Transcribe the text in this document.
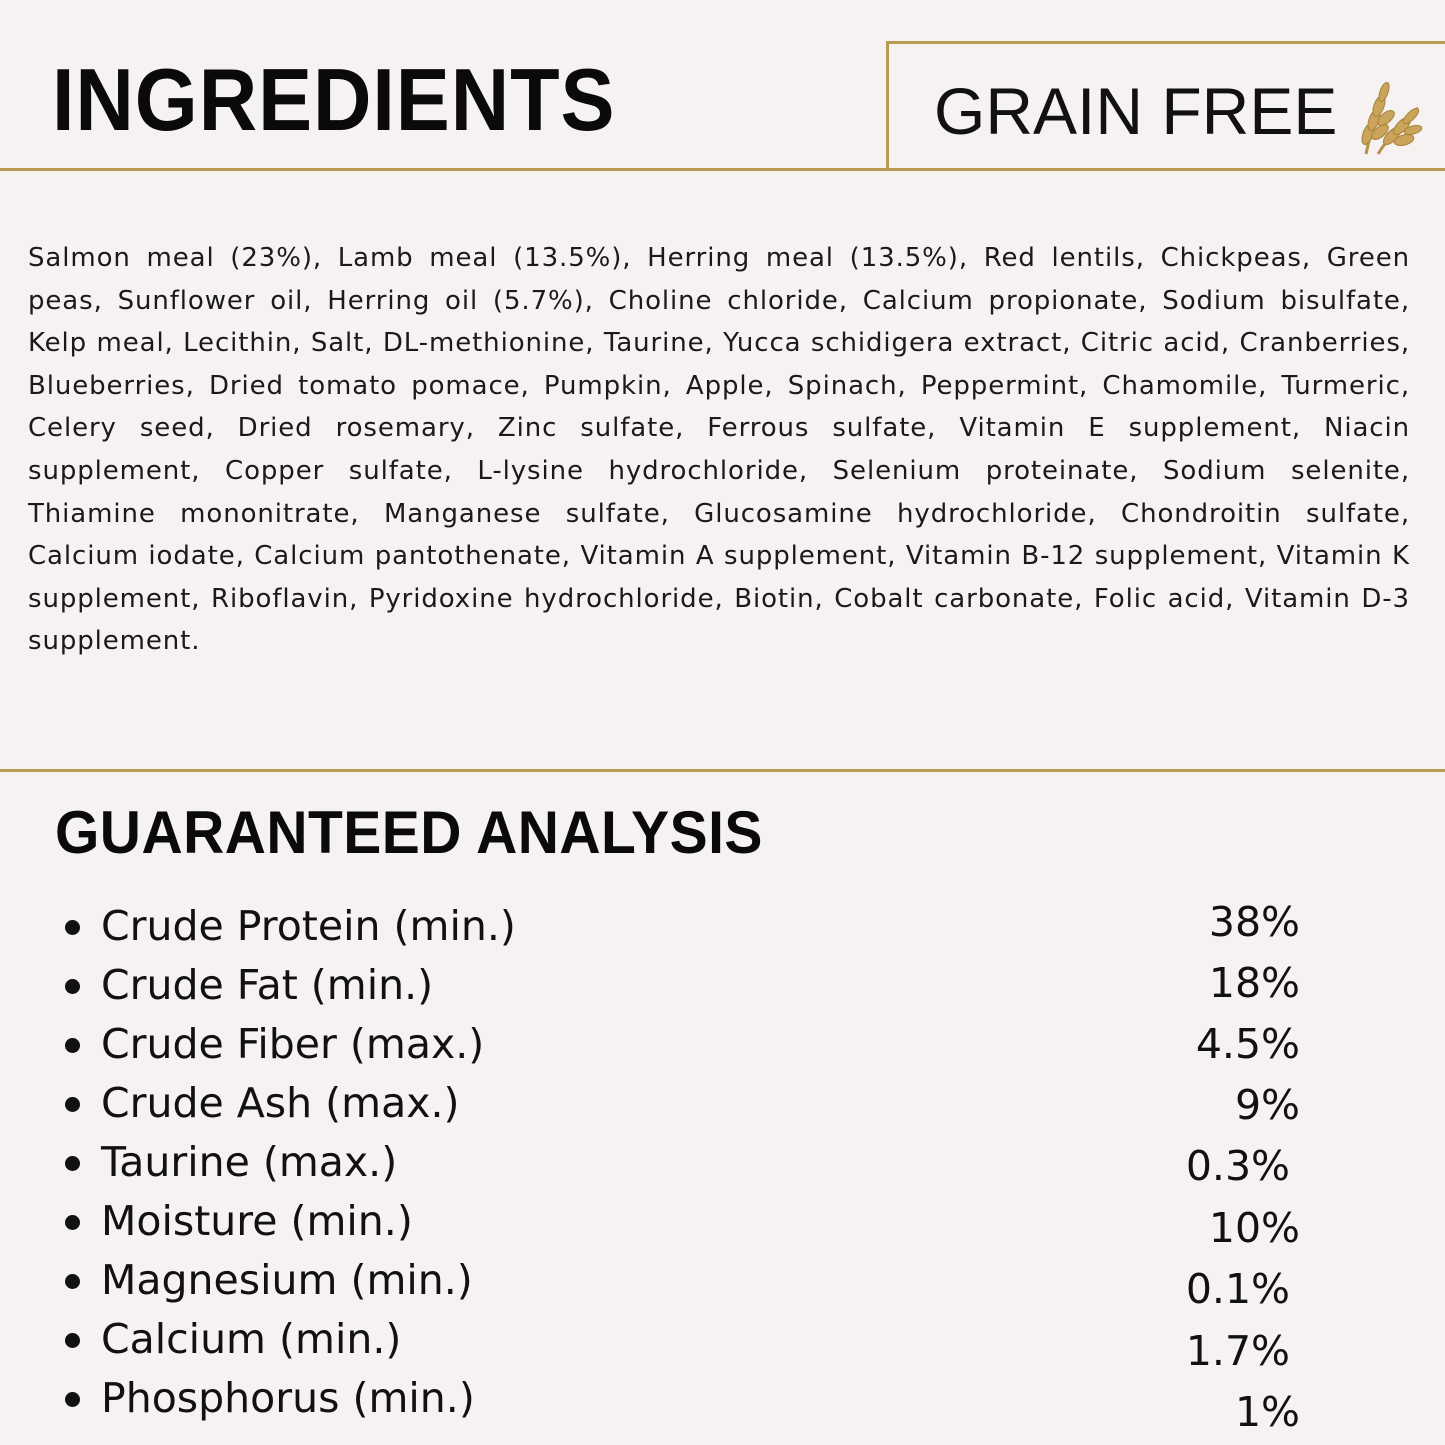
INGREDIENTS	GRAIN FREE

Salmon meal (23%), Lamb meal (13.5%), Herring meal (13.5%), Red lentils, Chickpeas, Green peas, Sunflower oil, Herring oil (5.7%), Choline chloride, Calcium propionate, Sodium bisulfate, Kelp meal, Lecithin, Salt, DL-methionine, Taurine, Yucca schidigera extract, Citric acid, Cranberries, Blueberries, Dried tomato pomace, Pumpkin, Apple, Spinach, Peppermint, Chamomile, Turmeric, Celery seed, Dried rosemary, Zinc sulfate, Ferrous sulfate, Vitamin E supplement, Niacin supplement, Copper sulfate, L-lysine hydrochloride, Selenium proteinate, Sodium selenite, Thiamine mononitrate, Manganese sulfate, Glucosamine hydrochloride, Chondroitin sulfate, Calcium iodate, Calcium pantothenate, Vitamin A supplement, Vitamin B-12 supplement, Vitamin K supplement, Riboflavin, Pyridoxine hydrochloride, Biotin, Cobalt carbonate, Folic acid, Vitamin D-3 supplement.

GUARANTEED ANALYSIS
Crude Protein (min.)	38%
Crude Fat (min.)	18%
Crude Fiber (max.)	4.5%
Crude Ash (max.)	9%
Taurine (max.)	0.3%
Moisture (min.)	10%
Magnesium (min.)	0.1%
Calcium (min.)	1.7%
Phosphorus (min.)	1%
